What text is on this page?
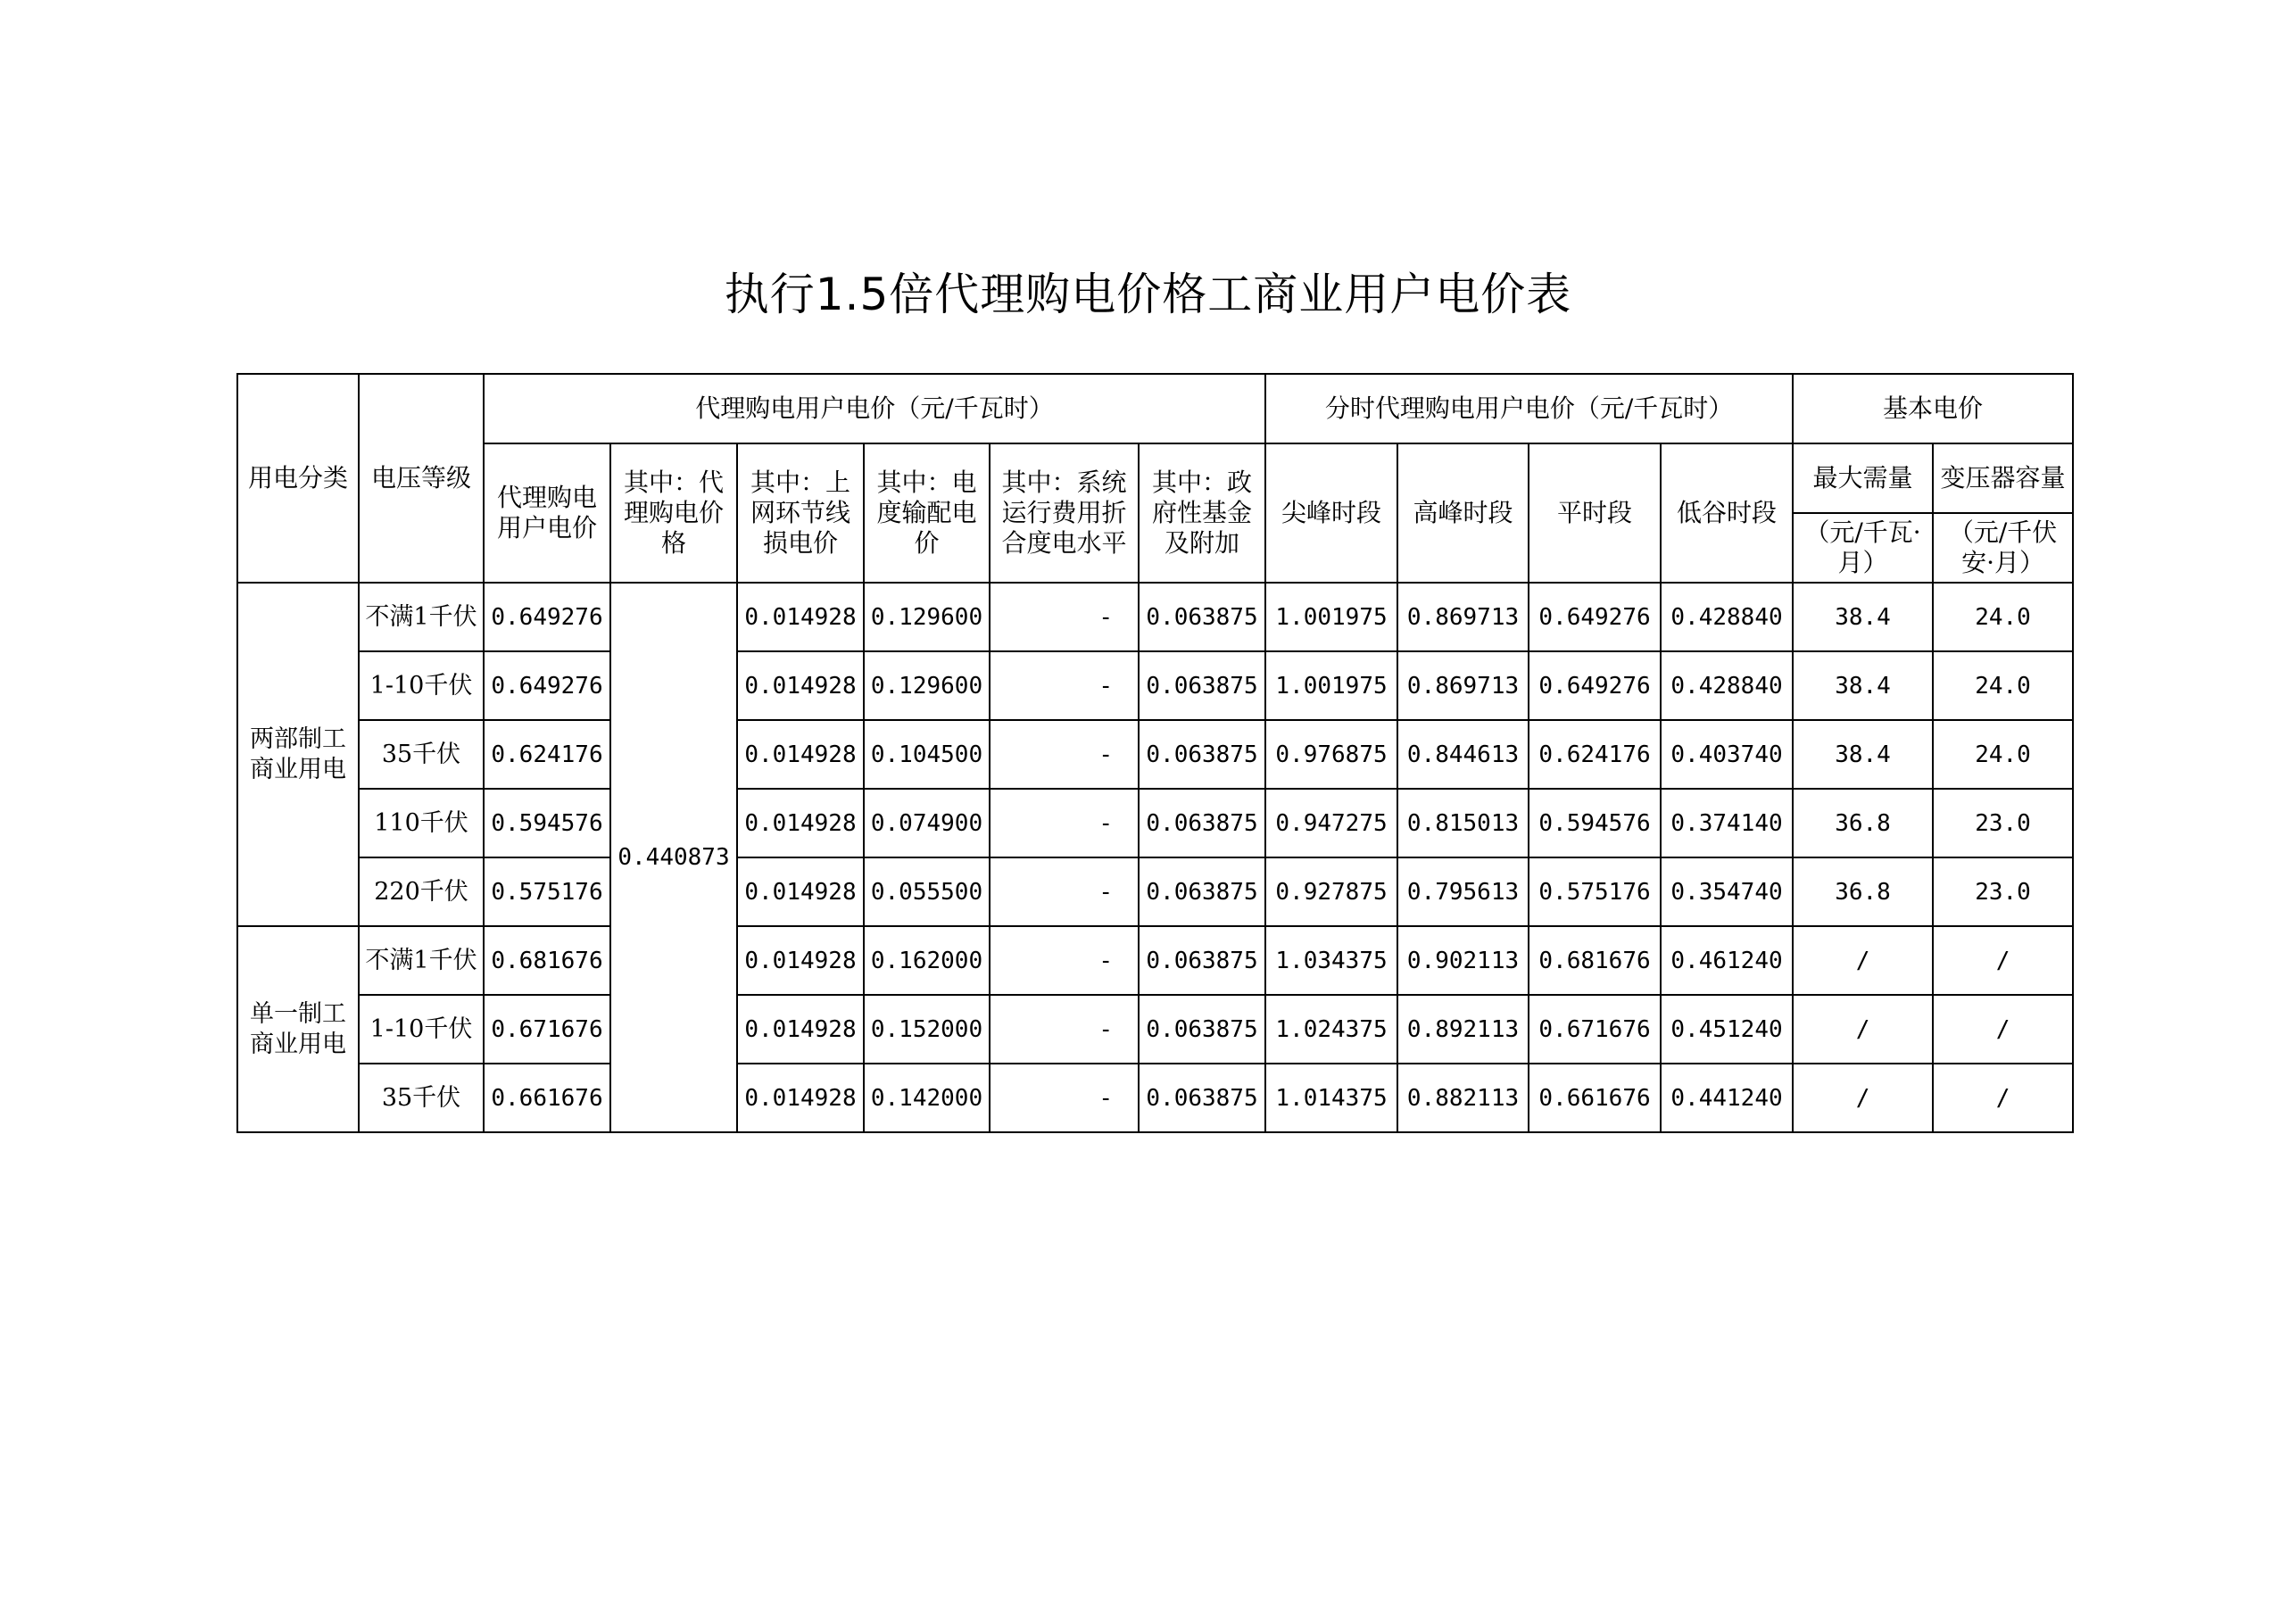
执行1.5倍代理购电价格工商业用户电价表
用电分类	电压等级	代理购电用户电价（元/千瓦时）						分时代理购电用户电价（元/千瓦时）				基本电价	

		代理购电用户电价	其中：代理购电价格	其中：上网环节线损电价	其中：电度输配电价	其中：系统运行费用折合度电水平	其中：政府性基金及附加	尖峰时段	高峰时段	平时段	低谷时段	最大需量	变压器容量

												（元/千瓦·月）	（元/千伏安·月）

两部制工商业用电	不满1千伏	0.649276	0.440873	0.014928	0.129600	-	0.063875	1.001975	0.869713	0.649276	0.428840	38.4	24.0
	1-10千伏	0.649276		0.014928	0.129600	-	0.063875	1.001975	0.869713	0.649276	0.428840	38.4	24.0
	35千伏	0.624176		0.014928	0.104500	-	0.063875	0.976875	0.844613	0.624176	0.403740	38.4	24.0
	110千伏	0.594576		0.014928	0.074900	-	0.063875	0.947275	0.815013	0.594576	0.374140	36.8	23.0
	220千伏	0.575176		0.014928	0.055500	-	0.063875	0.927875	0.795613	0.575176	0.354740	36.8	23.0

单一制工商业用电	不满1千伏	0.681676		0.014928	0.162000	-	0.063875	1.034375	0.902113	0.681676	0.461240	/	/
	1-10千伏	0.671676		0.014928	0.152000	-	0.063875	1.024375	0.892113	0.671676	0.451240	/	/
	35千伏	0.661676		0.014928	0.142000	-	0.063875	1.014375	0.882113	0.661676	0.441240	/	/
